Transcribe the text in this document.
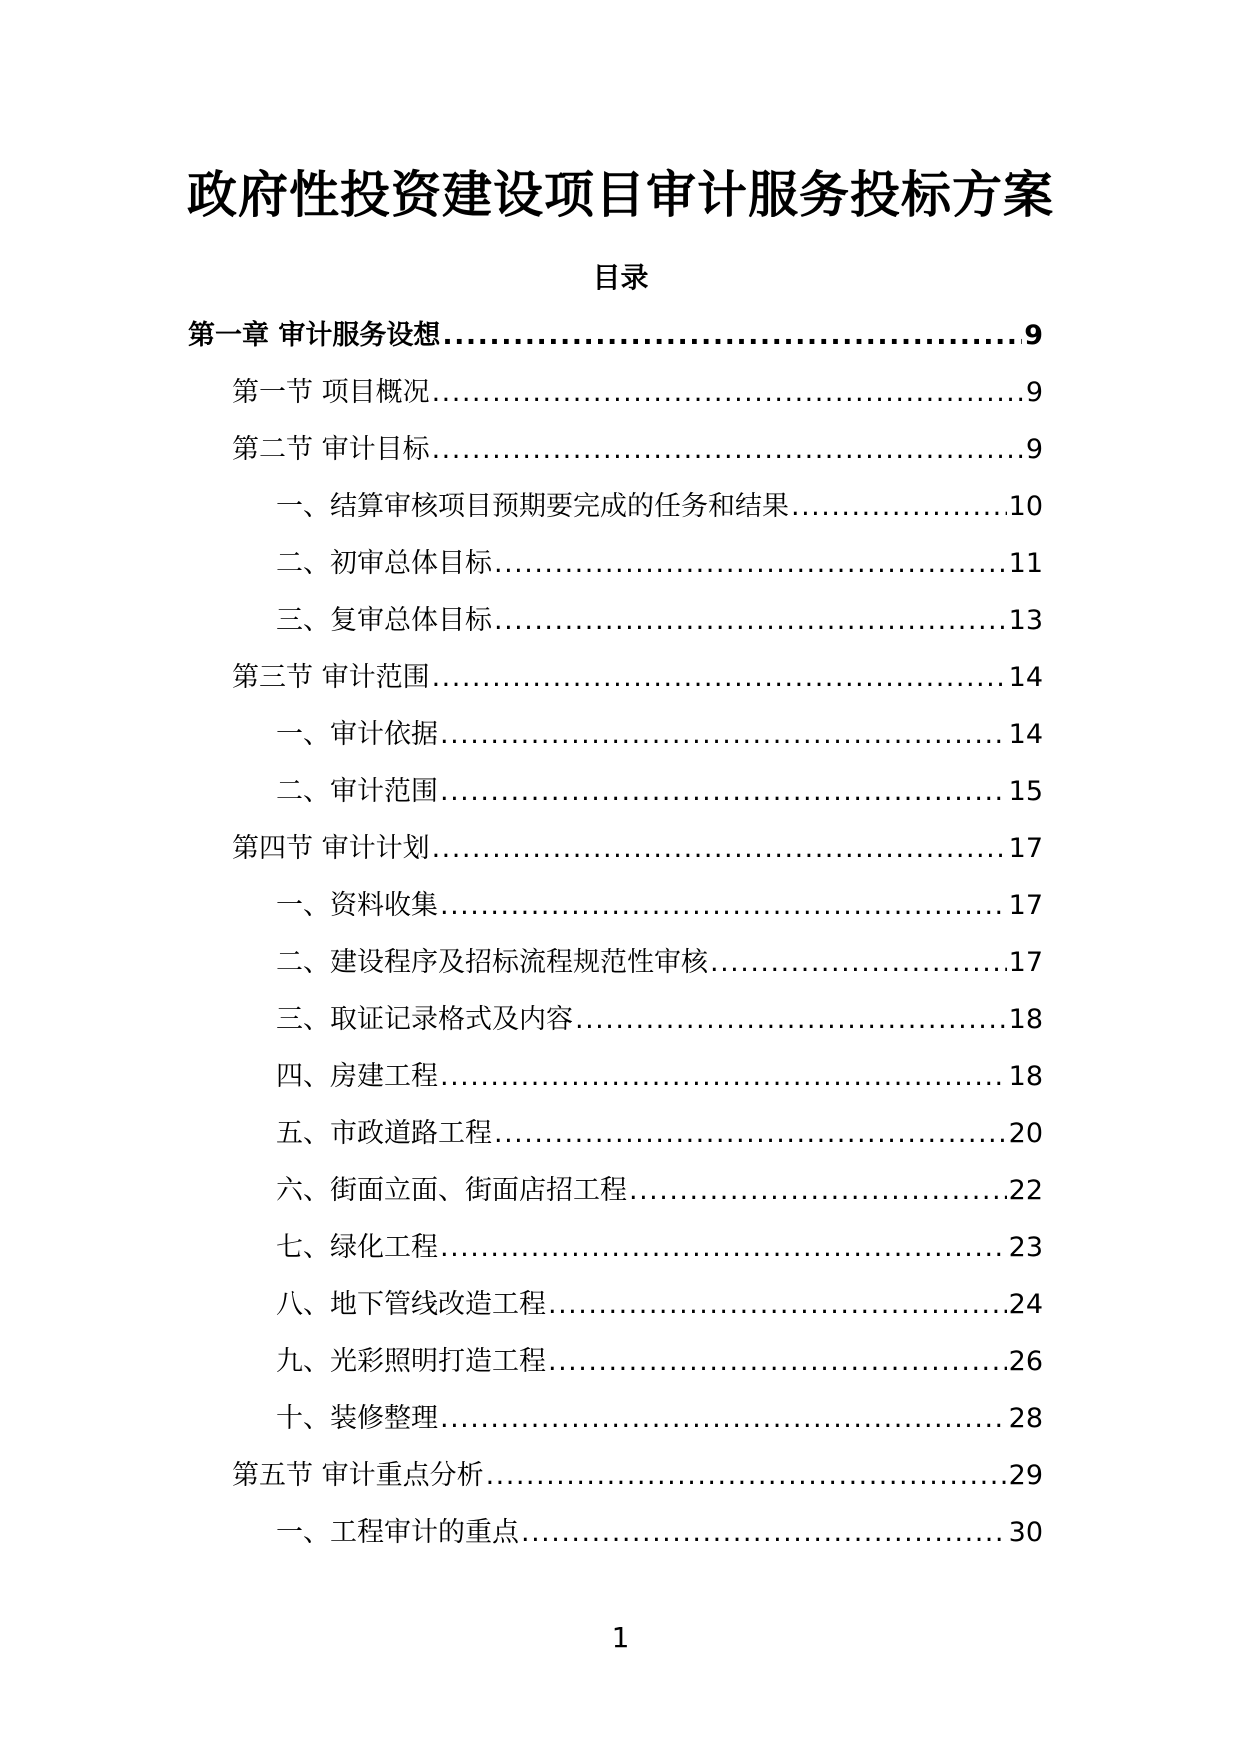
政府性投资建设项目审计服务投标方案
目录
第一章 审计服务设想 .....	9
第一节 项目概况 .....	9
第二节 审计目标 .....	9
一、结算审核项目预期要完成的任务和结果 .....	10
二、初审总体目标 .....	11
三、复审总体目标 .....	13
第三节 审计范围 .....	14
一、审计依据 .....	14
二、审计范围 .....	15
第四节 审计计划 .....	17
一、资料收集 .....	17
二、建设程序及招标流程规范性审核 .....	17
三、取证记录格式及内容 .....	18
四、房建工程 .....	18
五、市政道路工程 .....	20
六、街面立面、街面店招工程 .....	22
七、绿化工程 .....	23
八、地下管线改造工程 .....	24
九、光彩照明打造工程 .....	26
十、装修整理 .....	28
第五节 审计重点分析 .....	29
一、工程审计的重点 .....	30
1
